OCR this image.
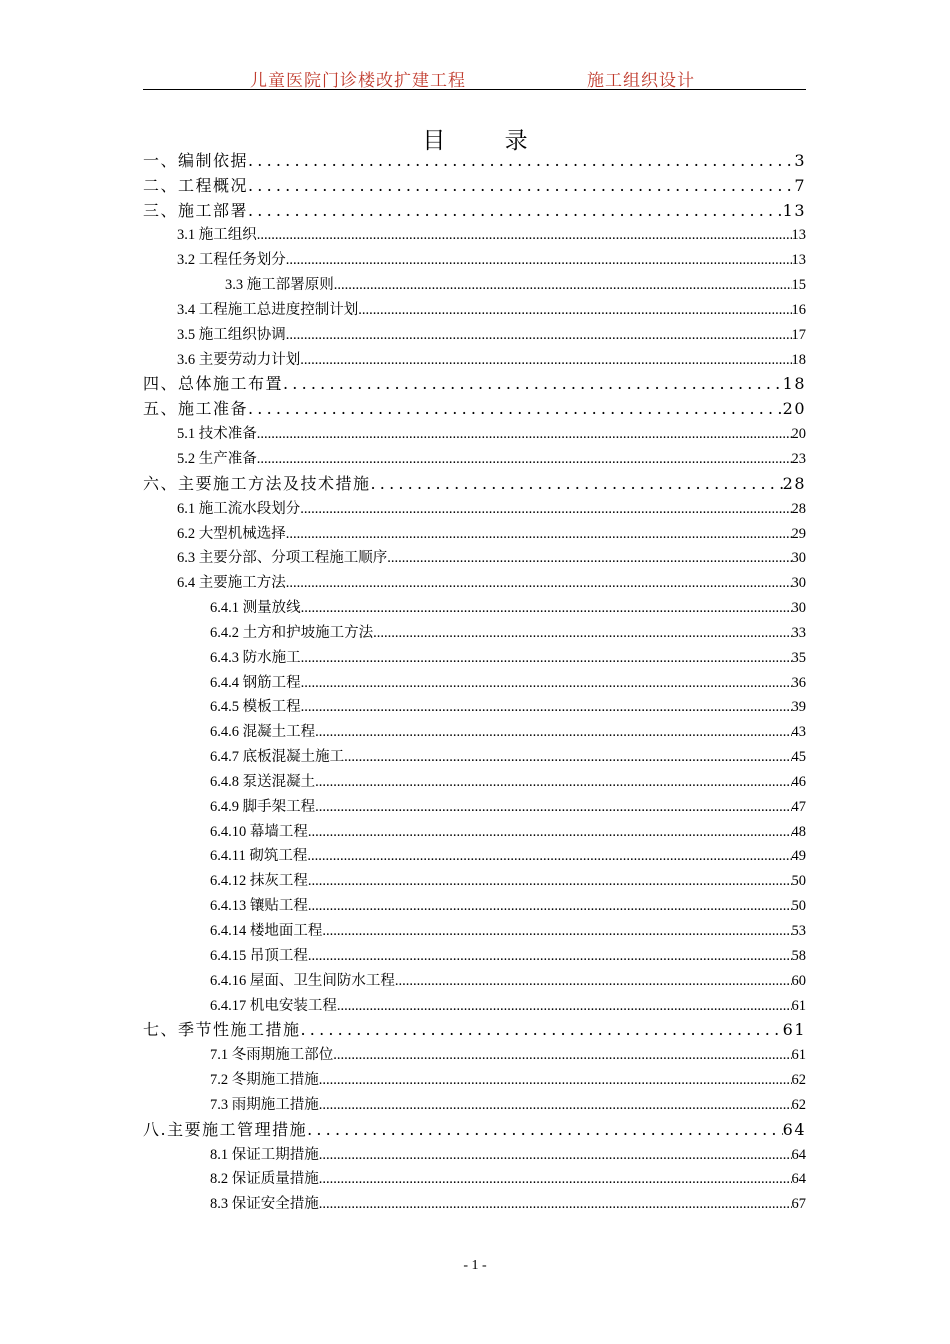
儿童医院门诊楼改扩建工程	施工组织设计
目 录
一、编制依据 .....	3
二、工程概况 .....	7
三、施工部署 .....	13
3.1 施工组织 .....	13
3.2 工程任务划分 .....	13
3.3 施工部署原则 .....	15
3.4 工程施工总进度控制计划 .....	16
3.5 施工组织协调 .....	17
3.6 主要劳动力计划 .....	18
四、总体施工布置 .....	18
五、施工准备 .....	20
5.1 技术准备 .....	20
5.2 生产准备 .....	23
六、主要施工方法及技术措施 .....	28
6.1 施工流水段划分 .....	28
6.2 大型机械选择 .....	29
6.3 主要分部、分项工程施工顺序 .....	30
6.4 主要施工方法 .....	30
6.4.1 测量放线 .....	30
6.4.2 土方和护坡施工方法 .....	33
6.4.3 防水施工 .....	35
6.4.4 钢筋工程 .....	36
6.4.5 模板工程 .....	39
6.4.6 混凝土工程 .....	43
6.4.7 底板混凝土施工 .....	45
6.4.8 泵送混凝土 .....	46
6.4.9 脚手架工程 .....	47
6.4.10 幕墙工程 .....	48
6.4.11 砌筑工程 .....	49
6.4.12 抹灰工程 .....	50
6.4.13 镶贴工程 .....	50
6.4.14 楼地面工程 .....	53
6.4.15 吊顶工程 .....	58
6.4.16 屋面、卫生间防水工程 .....	60
6.4.17 机电安装工程 .....	61
七、季节性施工措施 .....	61
7.1 冬雨期施工部位 .....	61
7.2 冬期施工措施 .....	62
7.3 雨期施工措施 .....	62
八.主要施工管理措施 .....	64
8.1 保证工期措施 .....	64
8.2 保证质量措施 .....	64
8.3 保证安全措施 .....	67
- 1 -
